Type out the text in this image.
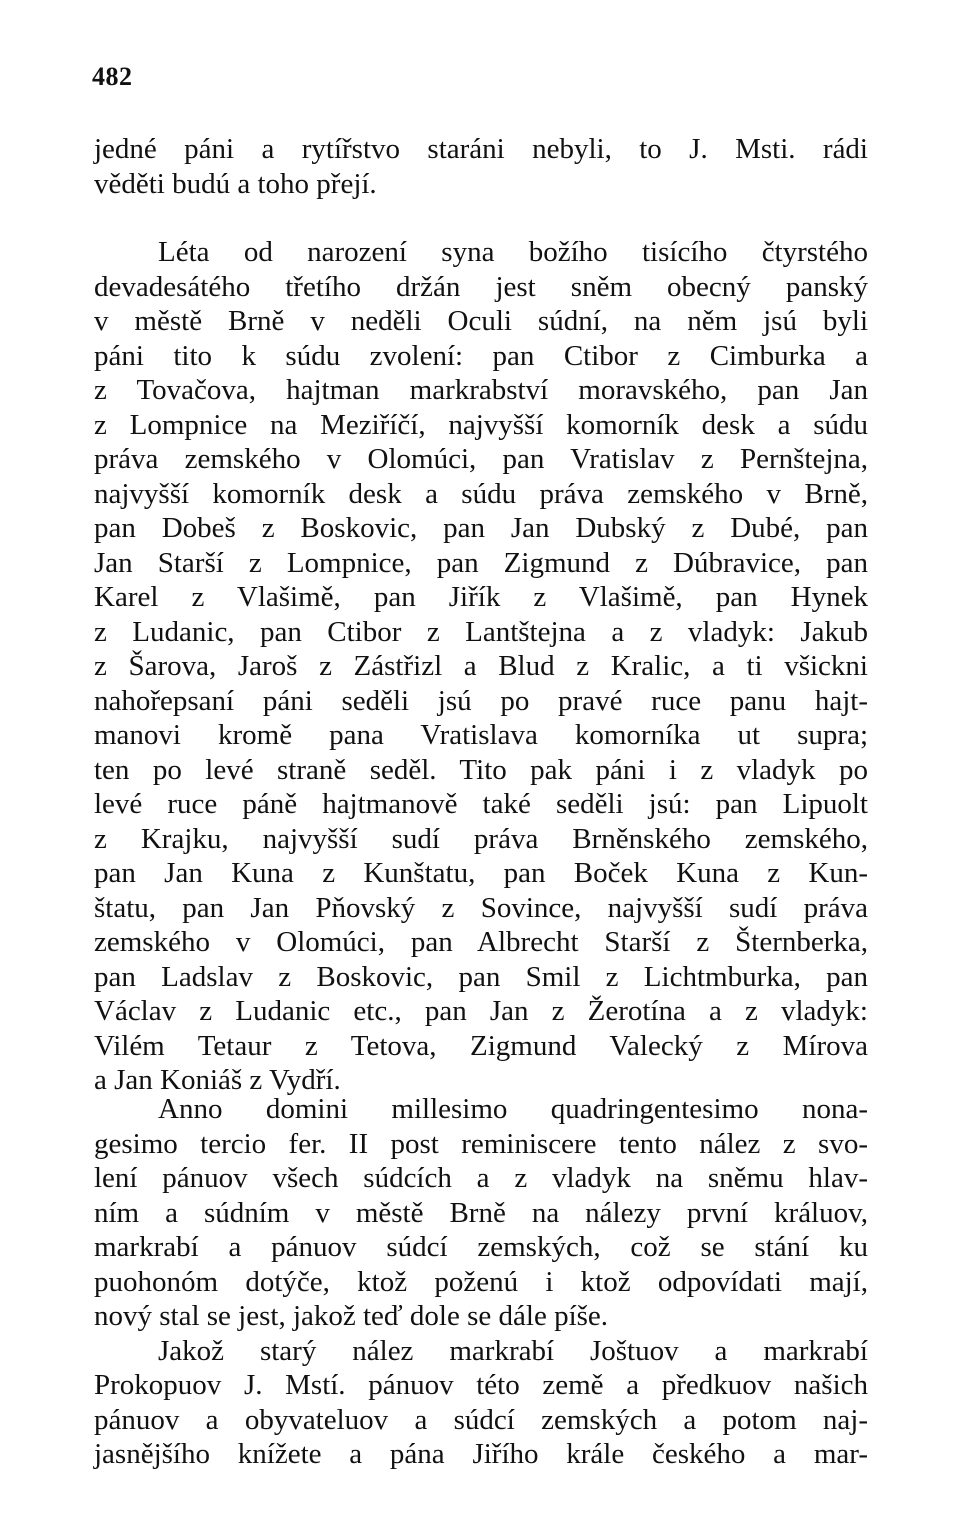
482
jedné páni a rytířstvo staráni nebyli, to J. Msti. rádi
věděti budú a toho přejí.
Léta od narození syna božího tisícího čtyrstého
devadesátého třetího držán jest sněm obecný panský
v městě Brně v neděli Oculi súdní, na něm jsú byli
páni tito k súdu zvolení: pan Ctibor z Cimburka a
z Tovačova, hajtman markrabství moravského, pan Jan
z Lompnice na Meziříčí, najvyšší komorník desk a súdu
práva zemského v Olomúci, pan Vratislav z Pernštejna,
najvyšší komorník desk a súdu práva zemského v Brně,
pan Dobeš z Boskovic, pan Jan Dubský z Dubé, pan
Jan Starší z Lompnice, pan Zigmund z Dúbravice, pan
Karel z Vlašimě, pan Jiřík z Vlašimě, pan Hynek
z Ludanic, pan Ctibor z Lantštejna a z vladyk: Jakub
z Šarova, Jaroš z Zástřizl a Blud z Kralic, a ti všickni
nahořepsaní páni seděli jsú po pravé ruce panu hajt-
manovi kromě pana Vratislava komorníka ut supra;
ten po levé straně seděl. Tito pak páni i z vladyk po
levé ruce páně hajtmanově také seděli jsú: pan Lipuolt
z Krajku, najvyšší sudí práva Brněnského zemského,
pan Jan Kuna z Kunštatu, pan Boček Kuna z Kun-
štatu, pan Jan Pňovský z Sovince, najvyšší sudí práva
zemského v Olomúci, pan Albrecht Starší z Šternberka,
pan Ladslav z Boskovic, pan Smil z Lichtmburka, pan
Václav z Ludanic etc., pan Jan z Žerotína a z vladyk:
Vilém Tetaur z Tetova, Zigmund Valecký z Mírova
a Jan Koniáš z Vydří.
Anno domini millesimo quadringentesimo nona-
gesimo tercio fer. II post reminiscere tento nález z svo-
lení pánuov všech súdcích a z vladyk na sněmu hlav-
ním a súdním v městě Brně na nálezy první králuov,
markrabí a pánuov súdcí zemských, což se stání ku
puohonóm dotýče, ktož poženú i ktož odpovídati mají,
nový stal se jest, jakož teď dole se dále píše.
Jakož starý nález markrabí Joštuov a markrabí
Prokopuov J. Mstí. pánuov této země a předkuov našich
pánuov a obyvateluov a súdcí zemských a potom naj-
jasnějšího knížete a pána Jiřího krále českého a mar-
